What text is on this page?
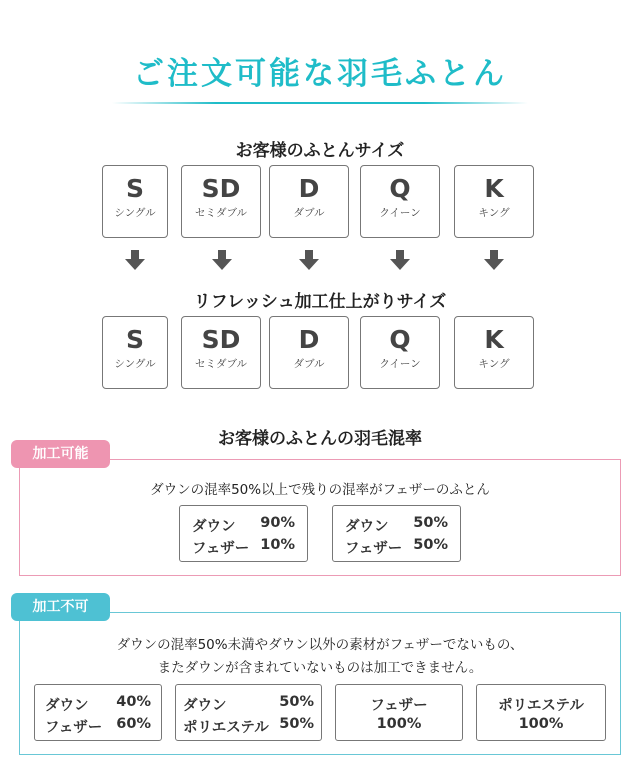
ご注文可能な羽毛ふとん
お客様のふとんサイズ
S
シングル
SD
セミダブル
D
ダブル
Q
クイーン
K
キング
リフレッシュ加工仕上がりサイズ
S
シングル
SD
セミダブル
D
ダブル
Q
クイーン
K
キング
お客様のふとんの羽毛混率
ダウンの混率50%以上で残りの混率がフェザーのふとん
ダウン 90%
フェザー 10%
ダウン 50%
フェザー 50%
加工可能
ダウンの混率50%未満やダウン以外の素材がフェザーでないもの、
またダウンが含まれていないものは加工できません。
ダウン 40%
フェザー 60%
ダウン	50%
ポリエステル 50%
フェザー
100%
ポリエステル
100%
加工不可
